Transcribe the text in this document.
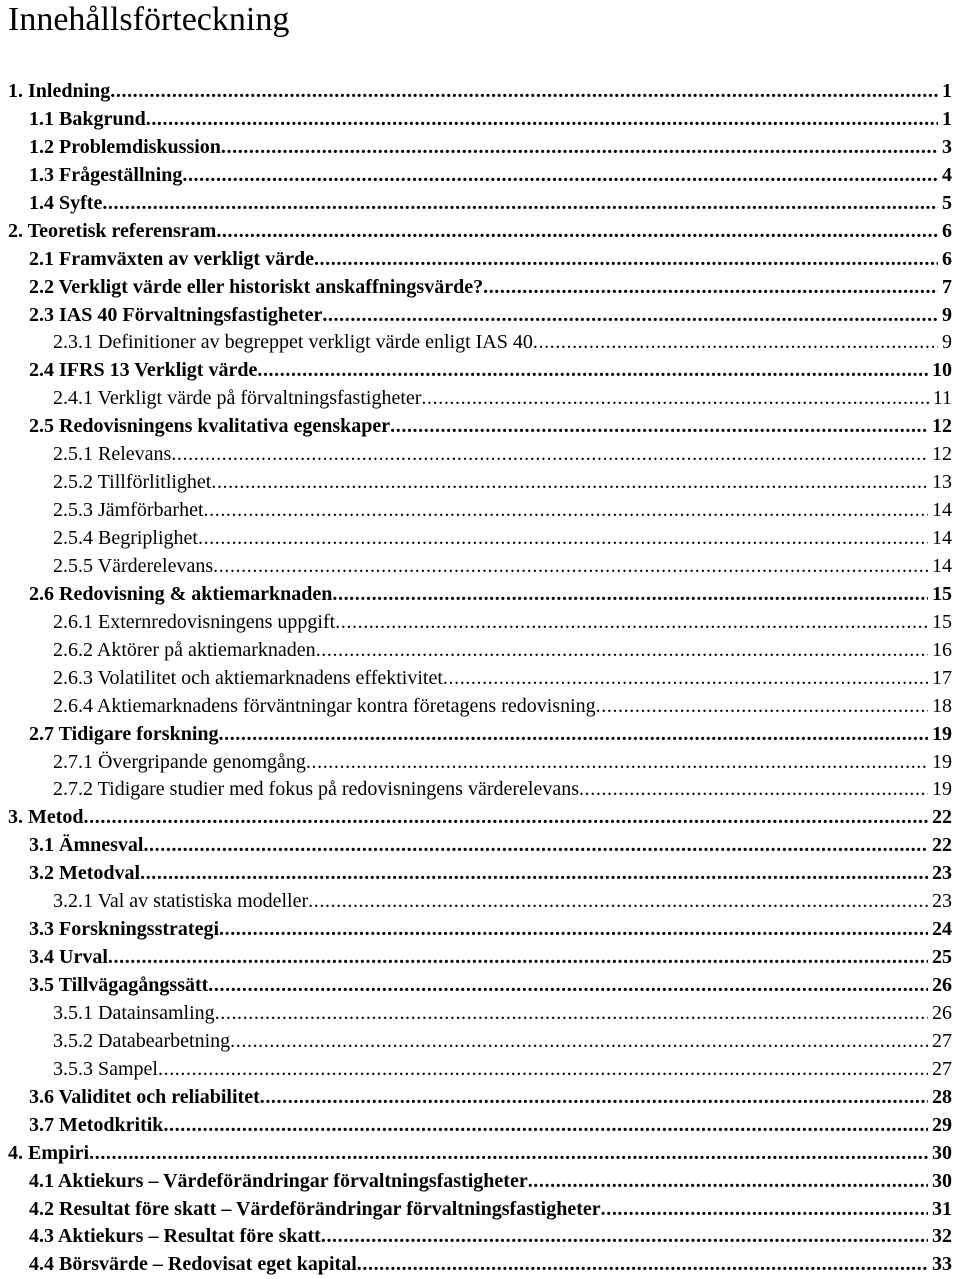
Innehållsförteckning
1. Inledning . . .	1
1.1 Bakgrund . . .	1
1.2 Problemdiskussion . . .	3
1.3 Frågeställning . . .	4
1.4 Syfte . . .	5
2. Teoretisk referensram . . .	6
2.1 Framväxten av verkligt värde . . .	6
2.2 Verkligt värde eller historiskt anskaffningsvärde? . . .	7
2.3 IAS 40 Förvaltningsfastigheter . . .	9
2.3.1 Definitioner av begreppet verkligt värde enligt IAS 40 . . .	9
2.4 IFRS 13 Verkligt värde . . .	10
2.4.1 Verkligt värde på förvaltningsfastigheter . . .	11
2.5 Redovisningens kvalitativa egenskaper . . .	12
2.5.1 Relevans . . .	12
2.5.2 Tillförlitlighet . . .	13
2.5.3 Jämförbarhet . . .	14
2.5.4 Begriplighet . . .	14
2.5.5 Värderelevans . . .	14
2.6 Redovisning & aktiemarknaden . . .	15
2.6.1 Externredovisningens uppgift . . .	15
2.6.2 Aktörer på aktiemarknaden . . .	16
2.6.3 Volatilitet och aktiemarknadens effektivitet . . .	17
2.6.4 Aktiemarknadens förväntningar kontra företagens redovisning . . .	18
2.7 Tidigare forskning . . .	19
2.7.1 Övergripande genomgång . . .	19
2.7.2 Tidigare studier med fokus på redovisningens värderelevans . . .	19
3. Metod . . .	22
3.1 Ämnesval . . .	22
3.2 Metodval . . .	23
3.2.1 Val av statistiska modeller . . .	23
3.3 Forskningsstrategi . . .	24
3.4 Urval . . .	25
3.5 Tillvägagångssätt . . .	26
3.5.1 Datainsamling . . .	26
3.5.2 Databearbetning . . .	27
3.5.3 Sampel . . .	27
3.6 Validitet och reliabilitet . . .	28
3.7 Metodkritik . . .	29
4. Empiri . . .	30
4.1 Aktiekurs – Värdeförändringar förvaltningsfastigheter . . .	30
4.2 Resultat före skatt – Värdeförändringar förvaltningsfastigheter . . .	31
4.3 Aktiekurs – Resultat före skatt . . .	32
4.4 Börsvärde – Redovisat eget kapital . . .	33
